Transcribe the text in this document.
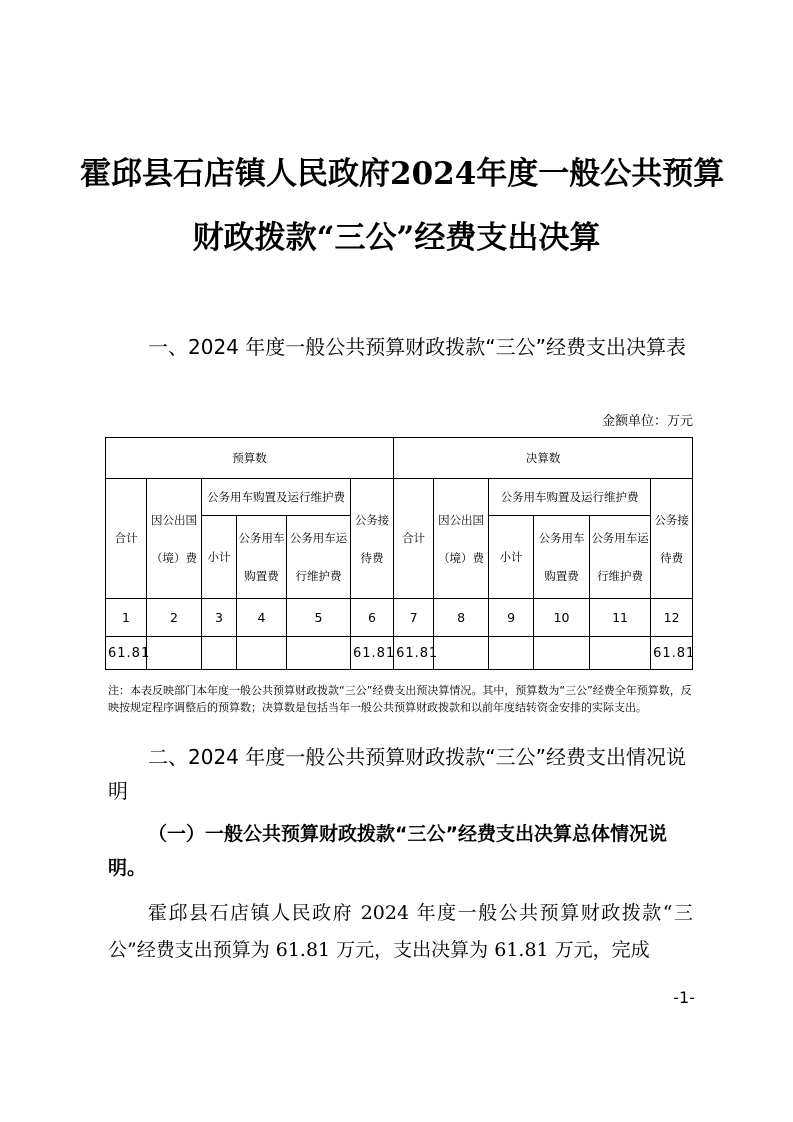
霍邱县石店镇人民政府2024年度一般公共预算
财政拨款“三公”经费支出决算
一、2024 年度一般公共预算财政拨款“三公”经费支出决算表
金额单位：万元
预算数						决算数					
合计	因公出国（境）费	公务用车购置及运行维护费			公务接待费	合计	因公出国（境）费	公务用车购置及运行维护费			公务接待费
		小计	公务用车购置费	公务用车运行维护费				小计	公务用车购置费	公务用车运行维护费	
1	2	3	4	5	6	7	8	9	10	11	12
61.81					61.81	61.81					61.81
注：本表反映部门本年度一般公共预算财政拨款“三公”经费支出预决算情况。其中，预算数为“三公”经费全年预算数，反映按规定程序调整后的预算数；决算数是包括当年一般公共预算财政拨款和以前年度结转资金安排的实际支出。
二、2024 年度一般公共预算财政拨款“三公”经费支出情况说明
（一）一般公共预算财政拨款“三公”经费支出决算总体情况说明。
霍邱县石店镇人民政府 2024 年度一般公共预算财政拨款“三公”经费支出预算为 61.81 万元，支出决算为 61.81 万元，完成
-1-
